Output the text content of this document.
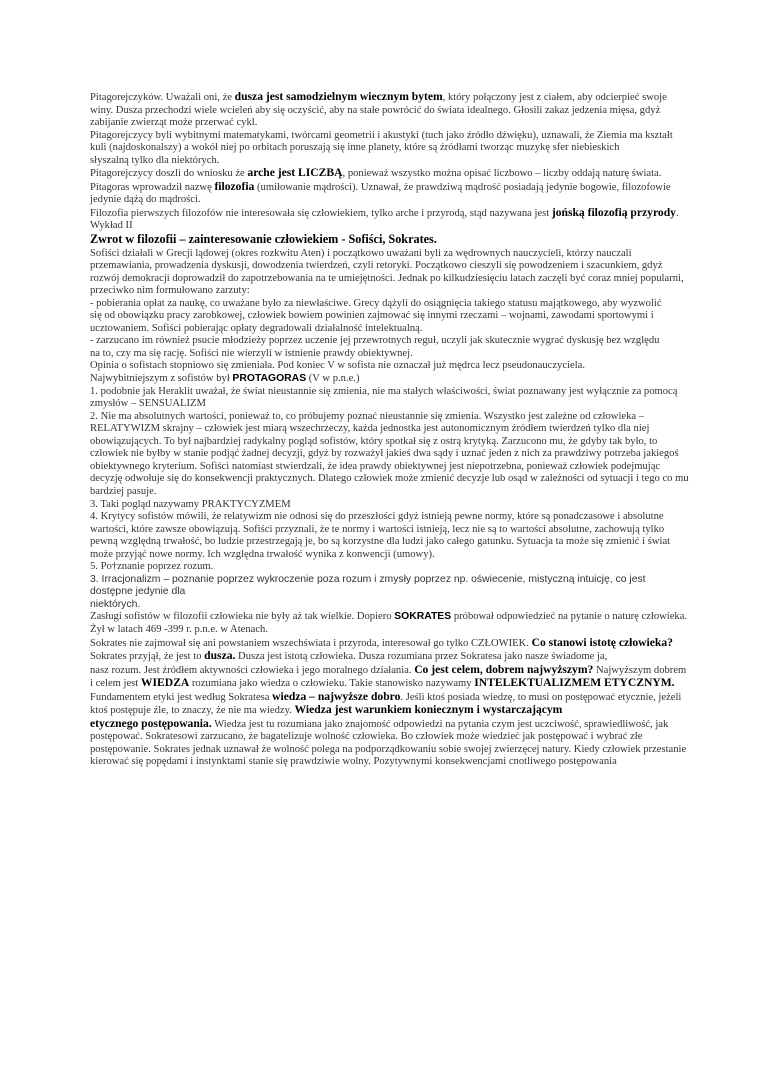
Pitagorejczyków. Uważali oni, że dusza jest samodzielnym wiecznym bytem, który połączony jest z ciałem, aby odcierpieć swoje
winy. Dusza przechodzi wiele wcieleń aby się oczyścić, aby na stałe powrócić do świata idealnego. Głosili zakaz jedzenia mięsa, gdyż
zabijanie zwierząt może przerwać cykl.

Pitagorejczycy byli wybitnymi matematykami, twórcami geometrii i akustyki (tuch jako źródło dźwięku), uznawali, że Ziemia ma kształt kuli (najdoskonalszy) a wokół niej po orbitach poruszają się inne planety, które są źródłami tworząc muzykę sfer niebieskich
słyszalną tylko dla niektórych.

Pitagorejczycy doszli do wniosku że arche jest LICZBĄ, ponieważ wszystko można opisać liczbowo – liczby oddają naturę świata.

Pitagoras wprowadził nazwę filozofia (umiłowanie mądrości). Uznawał, że prawdziwą mądrość posiadają jedynie bogowie, filozofowie
jedynie dążą do mądrości.

Filozofia pierwszych filozofów nie interesowała się człowiekiem, tylko arche i przyrodą, stąd nazywana jest jońską filozofią przyrody.

Wykład II

Zwrot w filozofii – zainteresowanie człowiekiem - Sofiści, Sokrates.

Sofiści działali w Grecji lądowej (okres rozkwitu Aten) i początkowo uważani byli za wędrownych nauczycieli, którzy nauczali przemawiania, prowadzenia dyskusji, dowodzenia twierdzeń, czyli retoryki. Początkowo cieszyli się powodzeniem i szacunkiem, gdyż
rozwój demokracji doprowadził do zapotrzebowania na te umiejętności. Jednak po kilkudziesięciu latach zaczęli być coraz mniej popularni, przeciwko nim formułowano zarzuty:
- pobierania opłat za naukę, co uważane było za niewłaściwe. Grecy dążyli do osiągnięcia takiego statusu majątkowego, aby wyzwolić
się od obowiązku pracy zarobkowej, człowiek bowiem powinien zajmować się innymi rzeczami – wojnami, zawodami sportowymi i
ucztowaniem. Sofiści pobierając opłaty degradowali działalność intelektualną.
- zarzucano im również psucie młodzieży poprzez uczenie jej przewrotnych reguł, uczyli jak skutecznie wygrać dyskusję bez względu
na to, czy ma się rację. Sofiści nie wierzyli w istnienie prawdy obiektywnej.

Opinia o sofistach stopniowo się zmieniała. Pod koniec V w sofista nie oznaczał już mędrca lecz pseudonauczyciela.

Najwybitniejszym z sofistów był PROTAGORAS (V w p.n.e.)

1. podobnie jak Heraklit uważał, że świat nieustannie się zmienia, nie ma stałych właściwości, świat poznawany jest wyłącznie za pomocą zmysłów – SENSUALIZM

2. Nie ma absolutnych wartości, ponieważ to, co próbujemy poznać nieustannie się zmienia. Wszystko jest zależne od człowieka – RELATYWIZM skrajny – człowiek jest miarą wszechrzeczy, każda jednostka jest autonomicznym źródłem twierdzeń tylko dla niej obowiązujących. To był najbardziej radykalny pogląd sofistów, który spotkał się z ostrą krytyką. Zarzucono mu, że gdyby tak było, to człowiek nie byłby w stanie podjąć żadnej decyzji, gdyż by rozważył jakieś dwa sądy i uznać jeden z nich za prawdziwy potrzeba jakiegoś obiektywnego kryterium. Sofiści natomiast stwierdzali, że idea prawdy obiektywnej jest niepotrzebna, ponieważ człowiek podejmując decyzję odwołuje się do konsekwencji praktycznych. Dlatego człowiek może zmienić decyzje lub osąd w zależności od sytuacji i tego co mu bardziej pasuje.

3. Taki pogląd nazywamy PRAKTYCYZMEM

4. Krytycy sofistów mówili, że relatywizm nie odnosi się do przeszłości gdyż istnieją pewne normy, które są ponadczasowe i absolutne wartości, które zawsze obowiązują. Sofiści przyznali, że te normy i wartości istnieją, lecz nie są to wartości absolutne, zachowują tylko pewną względną trwałość, bo ludzie przestrzegają je, bo są korzystne dla ludzi jako całego gatunku. Sytuacja ta może się zmienić i świat może przyjąć nowe normy. Ich względna trwałość wynika z konwencji (umowy).

5. Po†znanie poprzez rozum.

3. Irracjonalizm – poznanie poprzez wykroczenie poza rozum i zmysły poprzez np. oświecenie, mistyczną intuicję, co jest dostępne jedynie dla
niektórych.

Zasługi sofistów w filozofii człowieka nie były aż tak wielkie. Dopiero SOKRATES próbował odpowiedzieć na pytanie o naturę człowieka. Żył w latach 469 -399 r. p.n.e. w Atenach.

Sokrates nie zajmował się ani powstaniem wszechświata i przyroda, interesował go tylko CZŁOWIEK. Co stanowi istotę człowieka? Sokrates przyjął, że jest to dusza. Dusza jest istotą człowieka. Dusza rozumiana przez Sokratesa jako nasze świadome ja,
nasz rozum. Jest źródłem aktywności człowieka i jego moralnego działania. Co jest celem, dobrem najwyższym? Najwyższym dobrem i celem jest WIEDZA rozumiana jako wiedza o człowieku. Takie stanowisko nazywamy INTELEKTUALIZMEM ETYCZNYM. Fundamentem etyki jest według Sokratesa wiedza – najwyższe dobro. Jeśli ktoś posiada wiedzę, to musi on postępować etycznie, jeżeli ktoś postępuje źle, to znaczy, że nie ma wiedzy. Wiedza jest warunkiem koniecznym i wystarczającym
etycznego postępowania. Wiedza jest tu rozumiana jako znajomość odpowiedzi na pytania czym jest uczciwość, sprawiedliwość, jak
postępować. Sokratesowi zarzucano, że bagatelizuje wolność człowieka. Bo człowiek może wiedzieć jak postępować i wybrać złe postępowanie. Sokrates jednak uznawał że wolność polega na podporządkowaniu sobie swojej zwierzęcej natury. Kiedy człowiek przestanie kierować się popędami i instynktami stanie się prawdziwie wolny. Pozytywnymi konsekwencjami cnotliwego postępowania
